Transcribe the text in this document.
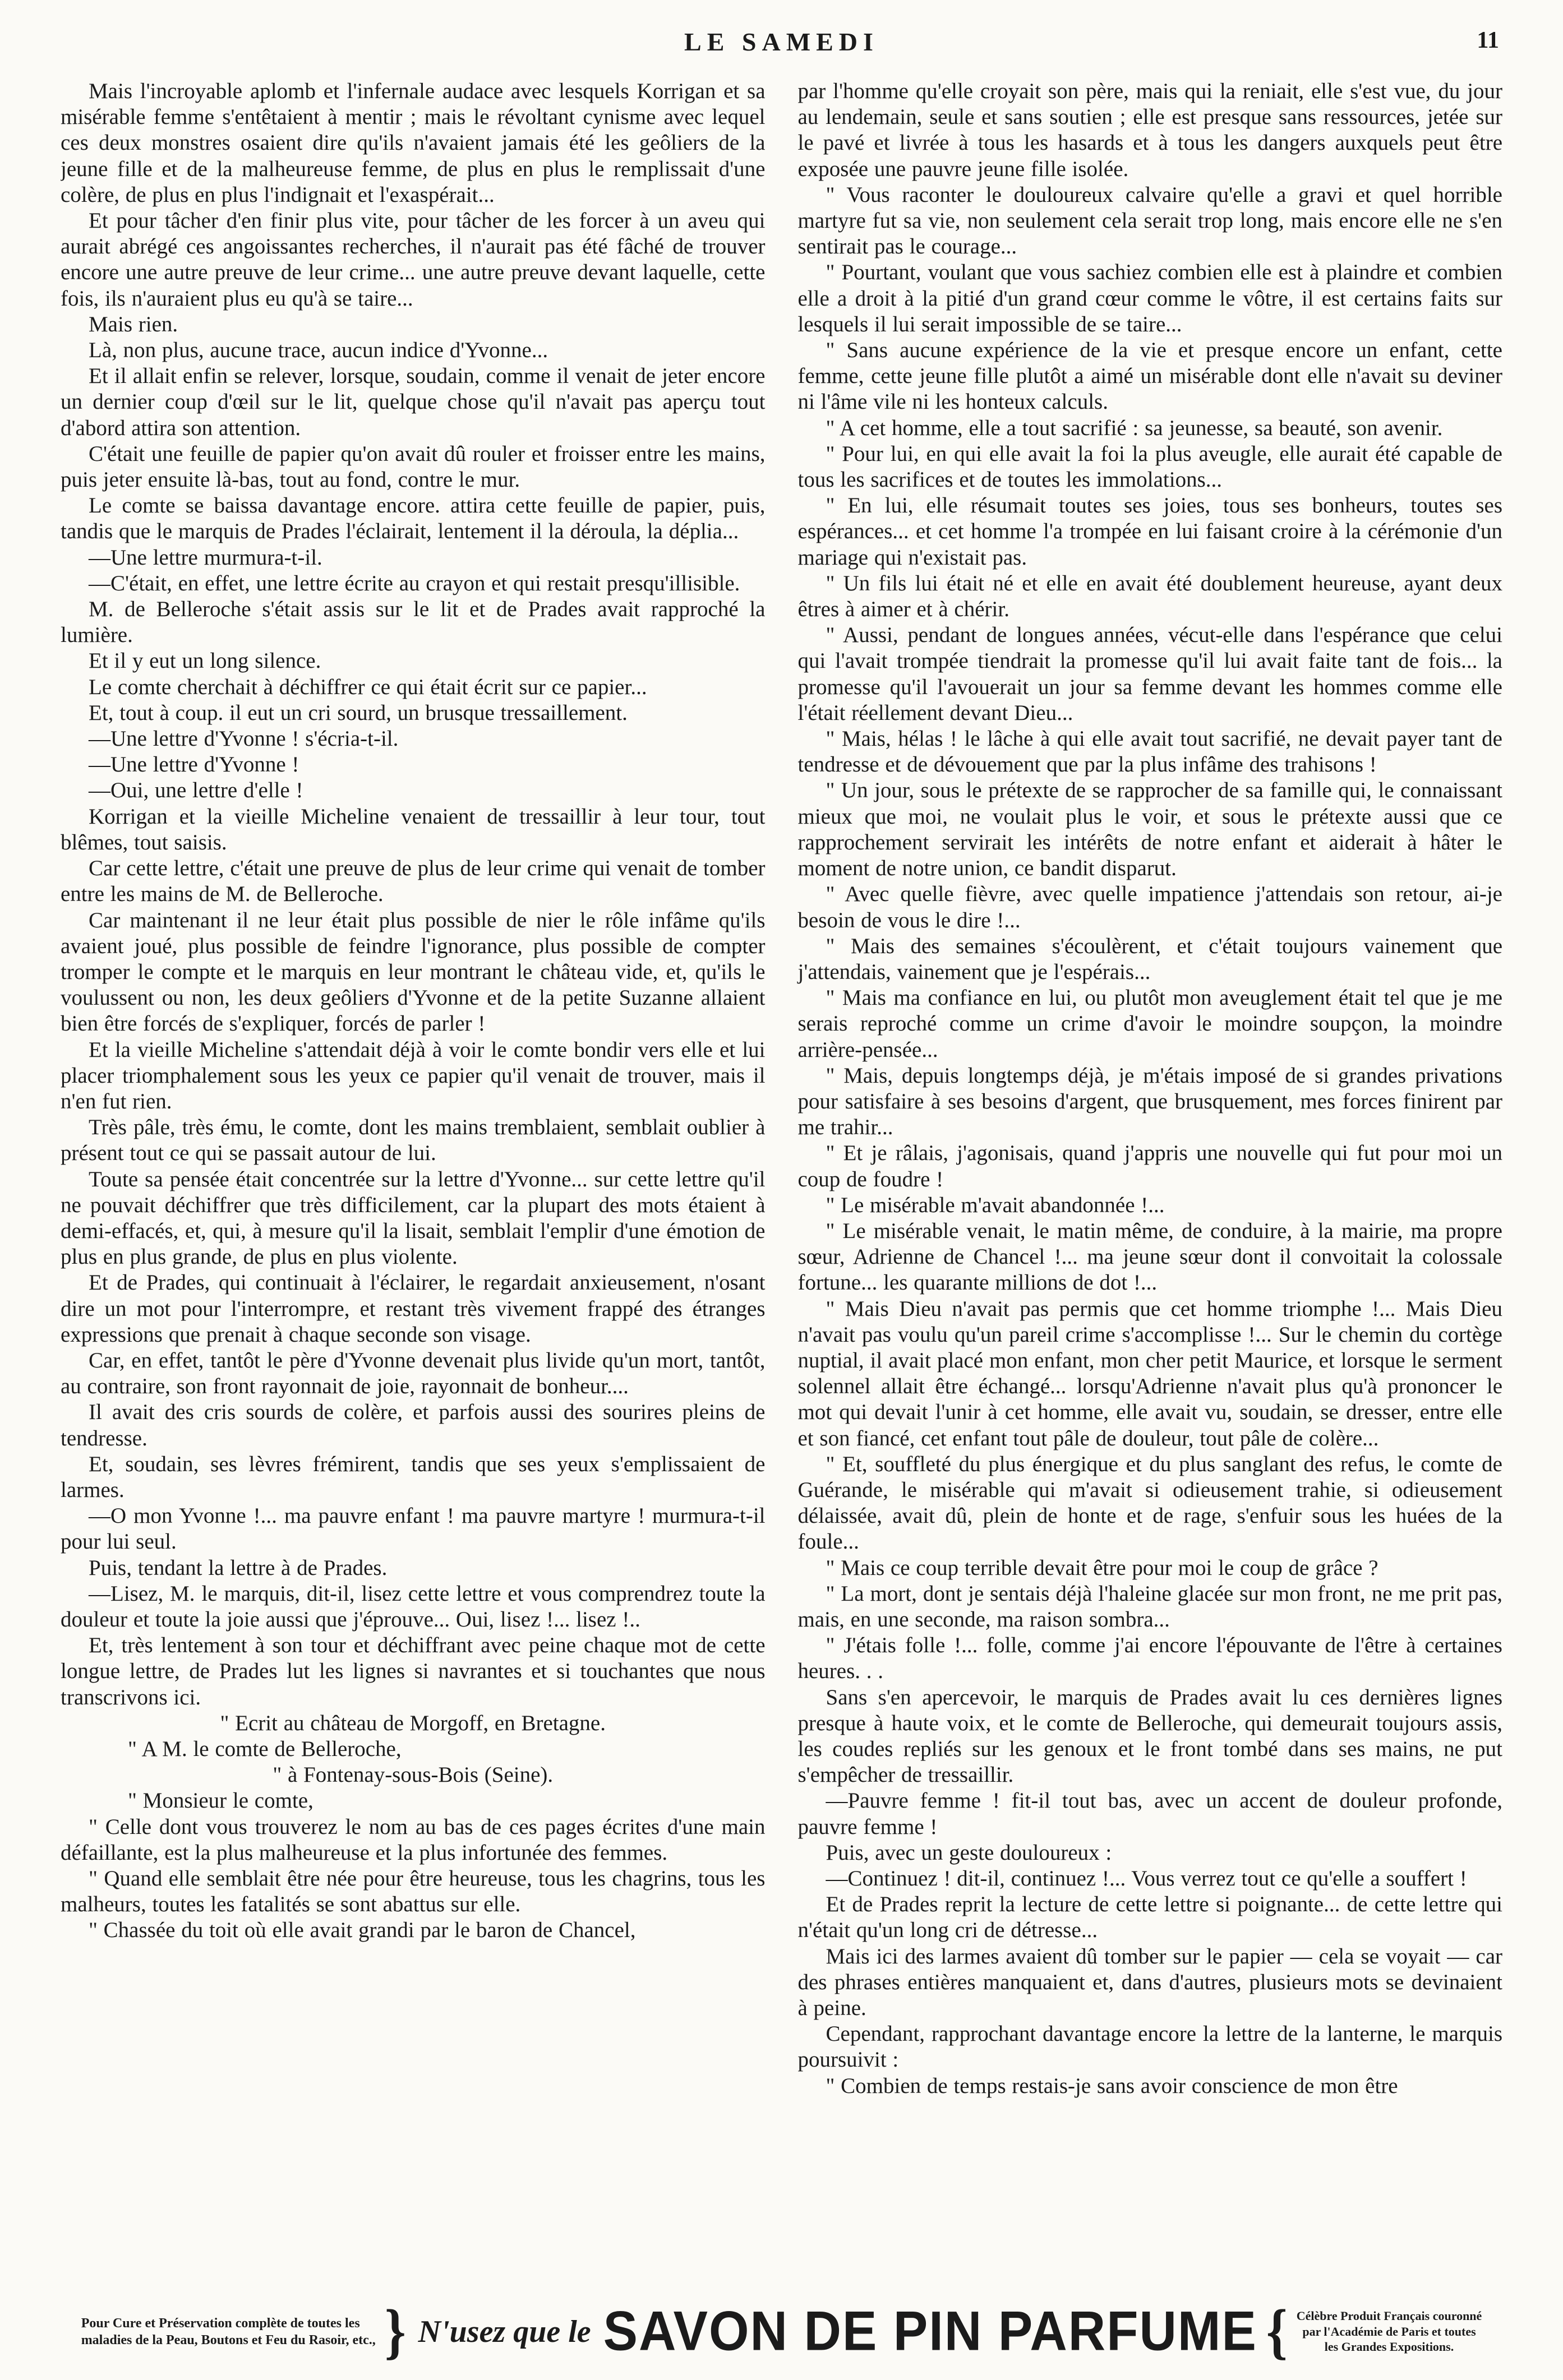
LE SAMEDI	11

Mais l'incroyable aplomb et l'infernale audace avec lesquels Korrigan et sa misérable femme s'entêtaient à mentir ; mais le révoltant cynisme avec lequel ces deux monstres osaient dire qu'ils n'avaient jamais été les geôliers de la jeune fille et de la malheureuse femme, de plus en plus le remplissait d'une colère, de plus en plus l'indignait et l'exaspérait...

Et pour tâcher d'en finir plus vite, pour tâcher de les forcer à un aveu qui aurait abrégé ces angoissantes recherches, il n'aurait pas été fâché de trouver encore une autre preuve de leur crime... une autre preuve devant laquelle, cette fois, ils n'auraient plus eu qu'à se taire...

Mais rien.

Là, non plus, aucune trace, aucun indice d'Yvonne...

Et il allait enfin se relever, lorsque, soudain, comme il venait de jeter encore un dernier coup d'œil sur le lit, quelque chose qu'il n'avait pas aperçu tout d'abord attira son attention.

C'était une feuille de papier qu'on avait dû rouler et froisser entre les mains, puis jeter ensuite là-bas, tout au fond, contre le mur.

Le comte se baissa davantage encore. attira cette feuille de papier, puis, tandis que le marquis de Prades l'éclairait, lentement il la déroula, la déplia...

—Une lettre murmura-t-il.

—C'était, en effet, une lettre écrite au crayon et qui restait presqu'illisible.

M. de Belleroche s'était assis sur le lit et de Prades avait rapproché la lumière.

Et il y eut un long silence.

Le comte cherchait à déchiffrer ce qui était écrit sur ce papier...

Et, tout à coup. il eut un cri sourd, un brusque tressaillement.

—Une lettre d'Yvonne ! s'écria-t-il.

—Une lettre d'Yvonne !

—Oui, une lettre d'elle !

Korrigan et la vieille Micheline venaient de tressaillir à leur tour, tout blêmes, tout saisis.

Car cette lettre, c'était une preuve de plus de leur crime qui venait de tomber entre les mains de M. de Belleroche.

Car maintenant il ne leur était plus possible de nier le rôle infâme qu'ils avaient joué, plus possible de feindre l'ignorance, plus possible de compter tromper le compte et le marquis en leur montrant le château vide, et, qu'ils le voulussent ou non, les deux geôliers d'Yvonne et de la petite Suzanne allaient bien être forcés de s'expliquer, forcés de parler !

Et la vieille Micheline s'attendait déjà à voir le comte bondir vers elle et lui placer triomphalement sous les yeux ce papier qu'il venait de trouver, mais il n'en fut rien.

Très pâle, très ému, le comte, dont les mains tremblaient, semblait oublier à présent tout ce qui se passait autour de lui.

Toute sa pensée était concentrée sur la lettre d'Yvonne... sur cette lettre qu'il ne pouvait déchiffrer que très difficilement, car la plupart des mots étaient à demi-effacés, et, qui, à mesure qu'il la lisait, semblait l'emplir d'une émotion de plus en plus grande, de plus en plus violente.

Et de Prades, qui continuait à l'éclairer, le regardait anxieusement, n'osant dire un mot pour l'interrompre, et restant très vivement frappé des étranges expressions que prenait à chaque seconde son visage.

Car, en effet, tantôt le père d'Yvonne devenait plus livide qu'un mort, tantôt, au contraire, son front rayonnait de joie, rayonnait de bonheur....

Il avait des cris sourds de colère, et parfois aussi des sourires pleins de tendresse.

Et, soudain, ses lèvres frémirent, tandis que ses yeux s'emplissaient de larmes.

—O mon Yvonne !... ma pauvre enfant ! ma pauvre martyre ! murmura-t-il pour lui seul.

Puis, tendant la lettre à de Prades.

—Lisez, M. le marquis, dit-il, lisez cette lettre et vous comprendrez toute la douleur et toute la joie aussi que j'éprouve... Oui, lisez !... lisez !..

Et, très lentement à son tour et déchiffrant avec peine chaque mot de cette longue lettre, de Prades lut les lignes si navrantes et si touchantes que nous transcrivons ici.

" Ecrit au château de Morgoff, en Bretagne.

" A M. le comte de Belleroche,

" à Fontenay-sous-Bois (Seine).

" Monsieur le comte,

" Celle dont vous trouverez le nom au bas de ces pages écrites d'une main défaillante, est la plus malheureuse et la plus infortunée des femmes.

" Quand elle semblait être née pour être heureuse, tous les chagrins, tous les malheurs, toutes les fatalités se sont abattus sur elle.

" Chassée du toit où elle avait grandi par le baron de Chancel,

par l'homme qu'elle croyait son père, mais qui la reniait, elle s'est vue, du jour au lendemain, seule et sans soutien ; elle est presque sans ressources, jetée sur le pavé et livrée à tous les hasards et à tous les dangers auxquels peut être exposée une pauvre jeune fille isolée.

" Vous raconter le douloureux calvaire qu'elle a gravi et quel horrible martyre fut sa vie, non seulement cela serait trop long, mais encore elle ne s'en sentirait pas le courage...

" Pourtant, voulant que vous sachiez combien elle est à plaindre et combien elle a droit à la pitié d'un grand cœur comme le vôtre, il est certains faits sur lesquels il lui serait impossible de se taire...

" Sans aucune expérience de la vie et presque encore un enfant, cette femme, cette jeune fille plutôt a aimé un misérable dont elle n'avait su deviner ni l'âme vile ni les honteux calculs.

" A cet homme, elle a tout sacrifié : sa jeunesse, sa beauté, son avenir.

" Pour lui, en qui elle avait la foi la plus aveugle, elle aurait été capable de tous les sacrifices et de toutes les immolations...

" En lui, elle résumait toutes ses joies, tous ses bonheurs, toutes ses espérances... et cet homme l'a trompée en lui faisant croire à la cérémonie d'un mariage qui n'existait pas.

" Un fils lui était né et elle en avait été doublement heureuse, ayant deux êtres à aimer et à chérir.

" Aussi, pendant de longues années, vécut-elle dans l'espérance que celui qui l'avait trompée tiendrait la promesse qu'il lui avait faite tant de fois... la promesse qu'il l'avouerait un jour sa femme devant les hommes comme elle l'était réellement devant Dieu...

" Mais, hélas ! le lâche à qui elle avait tout sacrifié, ne devait payer tant de tendresse et de dévouement que par la plus infâme des trahisons !

" Un jour, sous le prétexte de se rapprocher de sa famille qui, le connaissant mieux que moi, ne voulait plus le voir, et sous le prétexte aussi que ce rapprochement servirait les intérêts de notre enfant et aiderait à hâter le moment de notre union, ce bandit disparut.

" Avec quelle fièvre, avec quelle impatience j'attendais son retour, ai-je besoin de vous le dire !...

" Mais des semaines s'écoulèrent, et c'était toujours vainement que j'attendais, vainement que je l'espérais...

" Mais ma confiance en lui, ou plutôt mon aveuglement était tel que je me serais reproché comme un crime d'avoir le moindre soupçon, la moindre arrière-pensée...

" Mais, depuis longtemps déjà, je m'étais imposé de si grandes privations pour satisfaire à ses besoins d'argent, que brusquement, mes forces finirent par me trahir...

" Et je râlais, j'agonisais, quand j'appris une nouvelle qui fut pour moi un coup de foudre !

" Le misérable m'avait abandonnée !...

" Le misérable venait, le matin même, de conduire, à la mairie, ma propre sœur, Adrienne de Chancel !... ma jeune sœur dont il convoitait la colossale fortune... les quarante millions de dot !...

" Mais Dieu n'avait pas permis que cet homme triomphe !... Mais Dieu n'avait pas voulu qu'un pareil crime s'accomplisse !... Sur le chemin du cortège nuptial, il avait placé mon enfant, mon cher petit Maurice, et lorsque le serment solennel allait être échangé... lorsqu'Adrienne n'avait plus qu'à prononcer le mot qui devait l'unir à cet homme, elle avait vu, soudain, se dresser, entre elle et son fiancé, cet enfant tout pâle de douleur, tout pâle de colère...

" Et, souffleté du plus énergique et du plus sanglant des refus, le comte de Guérande, le misérable qui m'avait si odieusement trahie, si odieusement délaissée, avait dû, plein de honte et de rage, s'enfuir sous les huées de la foule...

" Mais ce coup terrible devait être pour moi le coup de grâce ?

" La mort, dont je sentais déjà l'haleine glacée sur mon front, ne me prit pas, mais, en une seconde, ma raison sombra...

" J'étais folle !... folle, comme j'ai encore l'épouvante de l'être à certaines heures. . .

Sans s'en apercevoir, le marquis de Prades avait lu ces dernières lignes presque à haute voix, et le comte de Belleroche, qui demeurait toujours assis, les coudes repliés sur les genoux et le front tombé dans ses mains, ne put s'empêcher de tressaillir.

—Pauvre femme ! fit-il tout bas, avec un accent de douleur profonde, pauvre femme !

Puis, avec un geste douloureux :

—Continuez ! dit-il, continuez !... Vous verrez tout ce qu'elle a souffert !

Et de Prades reprit la lecture de cette lettre si poignante... de cette lettre qui n'était qu'un long cri de détresse...

Mais ici des larmes avaient dû tomber sur le papier — cela se voyait — car des phrases entières manquaient et, dans d'autres, plusieurs mots se devinaient à peine.

Cependant, rapprochant davantage encore la lettre de la lanterne, le marquis poursuivit :

" Combien de temps restais-je sans avoir conscience de mon être

Pour Cure et Préservation complète de toutes les
maladies de la Peau, Boutons et Feu du Rasoir, etc., } N'usez que le SAVON DE PIN PARFUME { Célèbre Produit Français couronné
par l'Académie de Paris et toutes
les Grandes Expositions.
